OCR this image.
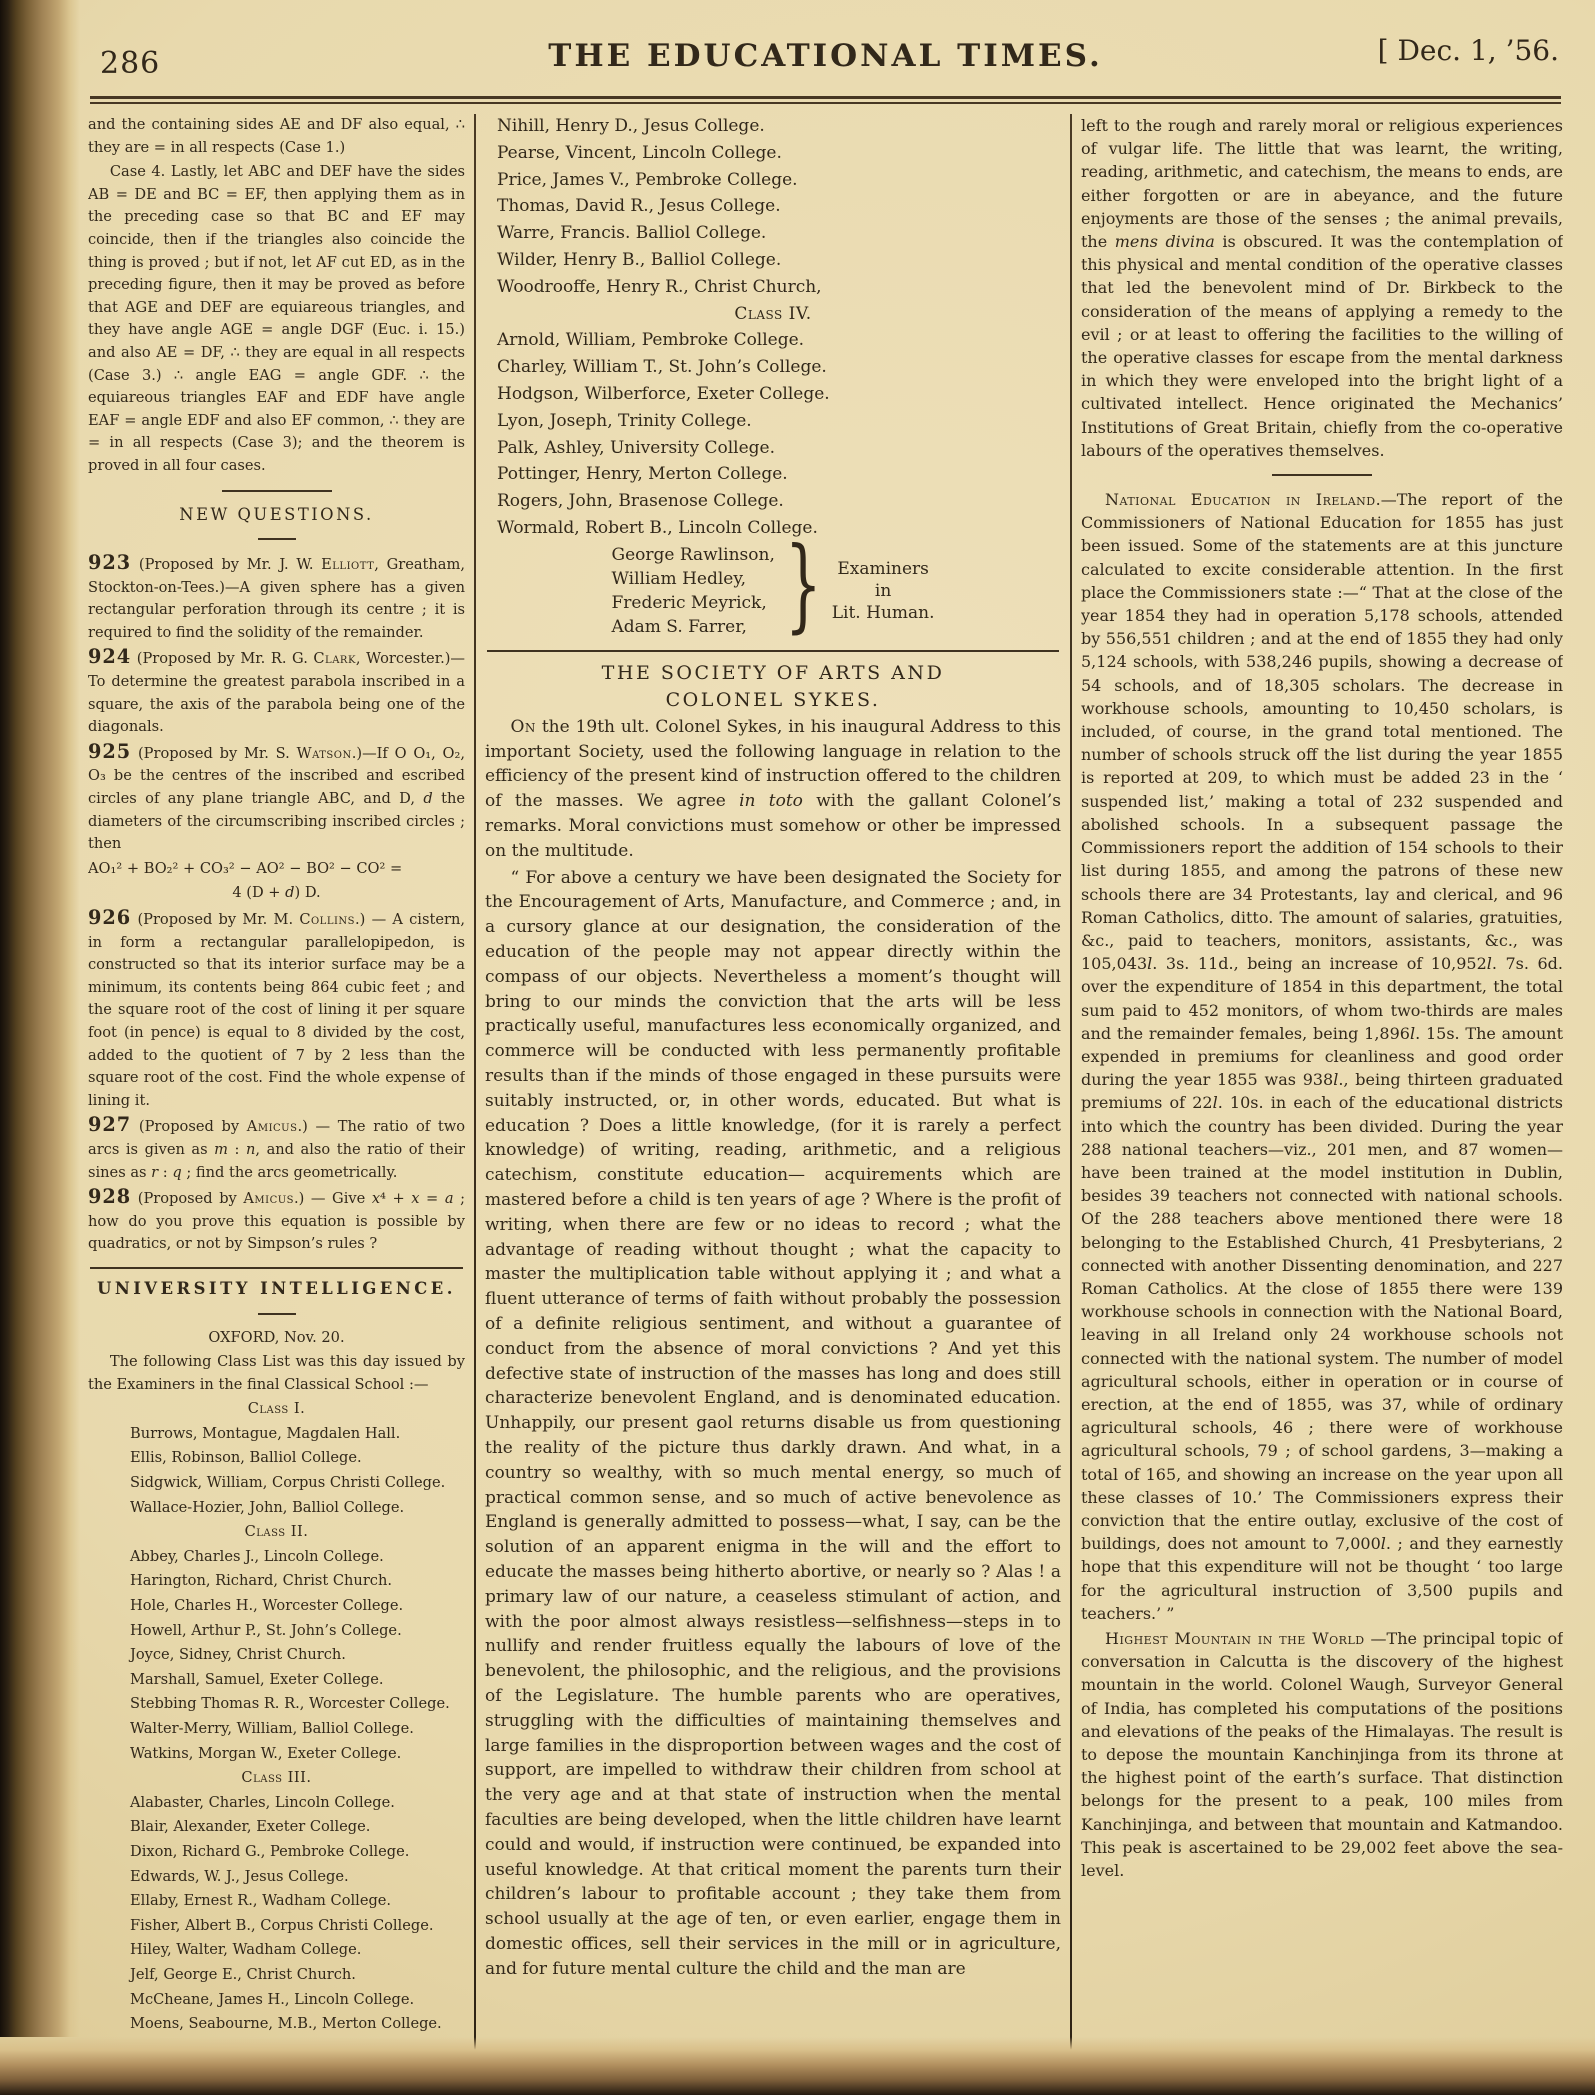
286	THE EDUCATIONAL TIMES.	[ Dec. 1, ’56.

and the containing sides AE and DF also equal, ∴ they are = in all respects (Case 1.)

Case 4. Lastly, let ABC and DEF have the sides AB = DE and BC = EF, then applying them as in the preceding case so that BC and EF may coincide, then if the triangles also coincide the thing is proved ; but if not, let AF cut ED, as in the preceding figure, then it may be proved as before that AGE and DEF are equiareous triangles, and they have angle AGE = angle DGF (Euc. i. 15.) and also AE = DF, ∴ they are equal in all respects (Case 3.) ∴ angle EAG = angle GDF. ∴ the equiareous triangles EAF and EDF have angle EAF = angle EDF and also EF common, ∴ they are = in all respects (Case 3); and the theorem is proved in all four cases.

NEW QUESTIONS.

923 (Proposed by Mr. J. W. Elliott, Greatham, Stockton-on-Tees.)—A given sphere has a given rectangular perforation through its centre ; it is required to find the solidity of the remainder.

924 (Proposed by Mr. R. G. Clark, Worcester.)—To determine the greatest parabola inscribed in a square, the axis of the parabola being one of the diagonals.

925 (Proposed by Mr. S. Watson.)—If O O₁, O₂, O₃ be the centres of the inscribed and escribed circles of any plane triangle ABC, and D, d the diameters of the circumscribing inscribed circles ; then

AO₁² + BO₂² + CO₃² − AO² − BO² − CO² =

4 (D + d) D.

926 (Proposed by Mr. M. Collins.) — A cistern, in form a rectangular parallelopipedon, is constructed so that its interior surface may be a minimum, its contents being 864 cubic feet ; and the square root of the cost of lining it per square foot (in pence) is equal to 8 divided by the cost, added to the quotient of 7 by 2 less than the square root of the cost. Find the whole expense of lining it.

927 (Proposed by Amicus.) — The ratio of two arcs is given as m : n, and also the ratio of their sines as r : q ; find the arcs geometrically.

928 (Proposed by Amicus.) — Give x⁴ + x = a ; how do you prove this equation is possible by quadratics, or not by Simpson’s rules ?

UNIVERSITY INTELLIGENCE.

OXFORD, Nov. 20.

The following Class List was this day issued by the Examiners in the final Classical School :—

Class I.

Burrows, Montague, Magdalen Hall.

Ellis, Robinson, Balliol College.

Sidgwick, William, Corpus Christi College.

Wallace-Hozier, John, Balliol College.

Class II.

Abbey, Charles J., Lincoln College.

Harington, Richard, Christ Church.

Hole, Charles H., Worcester College.

Howell, Arthur P., St. John’s College.

Joyce, Sidney, Christ Church.

Marshall, Samuel, Exeter College.

Stebbing Thomas R. R., Worcester College.

Walter-Merry, William, Balliol College.

Watkins, Morgan W., Exeter College.

Class III.

Alabaster, Charles, Lincoln College.

Blair, Alexander, Exeter College.

Dixon, Richard G., Pembroke College.

Edwards, W. J., Jesus College.

Ellaby, Ernest R., Wadham College.

Fisher, Albert B., Corpus Christi College.

Hiley, Walter, Wadham College.

Jelf, George E., Christ Church.

McCheane, James H., Lincoln College.

Moens, Seabourne, M.B., Merton College.

Nihill, Henry D., Jesus College.

Pearse, Vincent, Lincoln College.

Price, James V., Pembroke College.

Thomas, David R., Jesus College.

Warre, Francis. Balliol College.

Wilder, Henry B., Balliol College.

Woodrooffe, Henry R., Christ Church,

Class IV.

Arnold, William, Pembroke College.

Charley, William T., St. John’s College.

Hodgson, Wilberforce, Exeter College.

Lyon, Joseph, Trinity College.

Palk, Ashley, University College.

Pottinger, Henry, Merton College.

Rogers, John, Brasenose College.

Wormald, Robert B., Lincoln College.

George Rawlinson,
William Hedley,
Frederic Meyrick,
Adam S. Farrer, } Examiners
in
Lit. Human.

THE SOCIETY OF ARTS AND

COLONEL SYKES.

On the 19th ult. Colonel Sykes, in his inaugural Address to this important Society, used the following language in relation to the efficiency of the present kind of instruction offered to the children of the masses. We agree in toto with the gallant Colonel’s remarks. Moral convictions must somehow or other be impressed on the multitude.

“ For above a century we have been designated the Society for the Encouragement of Arts, Manufacture, and Commerce ; and, in a cursory glance at our designation, the consideration of the education of the people may not appear directly within the compass of our objects. Nevertheless a moment’s thought will bring to our minds the conviction that the arts will be less practically useful, manufactures less economically organized, and commerce will be conducted with less permanently profitable results than if the minds of those engaged in these pursuits were suitably instructed, or, in other words, educated. But what is education ? Does a little knowledge, (for it is rarely a perfect knowledge) of writing, reading, arithmetic, and a religious catechism, constitute education— acquirements which are mastered before a child is ten years of age ? Where is the profit of writing, when there are few or no ideas to record ; what the advantage of reading without thought ; what the capacity to master the multiplication table without applying it ; and what a fluent utterance of terms of faith without probably the possession of a definite religious sentiment, and without a guarantee of conduct from the absence of moral convictions ? And yet this defective state of instruction of the masses has long and does still characterize benevolent England, and is denominated education. Unhappily, our present gaol returns disable us from questioning the reality of the picture thus darkly drawn. And what, in a country so wealthy, with so much mental energy, so much of practical common sense, and so much of active benevolence as England is generally admitted to possess—what, I say, can be the solution of an apparent enigma in the will and the effort to educate the masses being hitherto abortive, or nearly so ? Alas ! a primary law of our nature, a ceaseless stimulant of action, and with the poor almost always resistless—selfishness—steps in to nullify and render fruitless equally the labours of love of the benevolent, the philosophic, and the religious, and the provisions of the Legislature. The humble parents who are operatives, struggling with the difficulties of maintaining themselves and large families in the disproportion between wages and the cost of support, are impelled to withdraw their children from school at the very age and at that state of instruction when the mental faculties are being developed, when the little children have learnt could and would, if instruction were continued, be expanded into useful knowledge. At that critical moment the parents turn their children’s labour to profitable account ; they take them from school usually at the age of ten, or even earlier, engage them in domestic offices, sell their services in the mill or in agriculture, and for future mental culture the child and the man are

left to the rough and rarely moral or religious experiences of vulgar life. The little that was learnt, the writing, reading, arithmetic, and catechism, the means to ends, are either forgotten or are in abeyance, and the future enjoyments are those of the senses ; the animal prevails, the mens divina is obscured. It was the contemplation of this physical and mental condition of the operative classes that led the benevolent mind of Dr. Birkbeck to the consideration of the means of applying a remedy to the evil ; or at least to offering the facilities to the willing of the operative classes for escape from the mental darkness in which they were enveloped into the bright light of a cultivated intellect. Hence originated the Mechanics’ Institutions of Great Britain, chiefly from the co-operative labours of the operatives themselves.

National Education in Ireland.—The report of the Commissioners of National Education for 1855 has just been issued. Some of the statements are at this juncture calculated to excite considerable attention. In the first place the Commissioners state :—“ That at the close of the year 1854 they had in operation 5,178 schools, attended by 556,551 children ; and at the end of 1855 they had only 5,124 schools, with 538,246 pupils, showing a decrease of 54 schools, and of 18,305 scholars. The decrease in workhouse schools, amounting to 10,450 scholars, is included, of course, in the grand total mentioned. The number of schools struck off the list during the year 1855 is reported at 209, to which must be added 23 in the ‘ suspended list,’ making a total of 232 suspended and abolished schools. In a subsequent passage the Commissioners report the addition of 154 schools to their list during 1855, and among the patrons of these new schools there are 34 Protestants, lay and clerical, and 96 Roman Catholics, ditto. The amount of salaries, gratuities, &c., paid to teachers, monitors, assistants, &c., was 105,043l. 3s. 11d., being an increase of 10,952l. 7s. 6d. over the expenditure of 1854 in this department, the total sum paid to 452 monitors, of whom two-thirds are males and the remainder females, being 1,896l. 15s. The amount expended in premiums for cleanliness and good order during the year 1855 was 938l., being thirteen graduated premiums of 22l. 10s. in each of the educational districts into which the country has been divided. During the year 288 national teachers—viz., 201 men, and 87 women—have been trained at the model institution in Dublin, besides 39 teachers not connected with national schools. Of the 288 teachers above mentioned there were 18 belonging to the Established Church, 41 Presbyterians, 2 connected with another Dissenting denomination, and 227 Roman Catholics. At the close of 1855 there were 139 workhouse schools in connection with the National Board, leaving in all Ireland only 24 workhouse schools not connected with the national system. The number of model agricultural schools, either in operation or in course of erection, at the end of 1855, was 37, while of ordinary agricultural schools, 46 ; there were of workhouse agricultural schools, 79 ; of school gardens, 3—making a total of 165, and showing an increase on the year upon all these classes of 10.’ The Commissioners express their conviction that the entire outlay, exclusive of the cost of buildings, does not amount to 7,000l. ; and they earnestly hope that this expenditure will not be thought ‘ too large for the agricultural instruction of 3,500 pupils and teachers.’ ”

Highest Mountain in the World —The principal topic of conversation in Calcutta is the discovery of the highest mountain in the world. Colonel Waugh, Surveyor General of India, has completed his computations of the positions and elevations of the peaks of the Himalayas. The result is to depose the mountain Kanchinjinga from its throne at the highest point of the earth’s surface. That distinction belongs for the present to a peak, 100 miles from Kanchinjinga, and between that mountain and Katmandoo. This peak is ascertained to be 29,002 feet above the sea-level.
